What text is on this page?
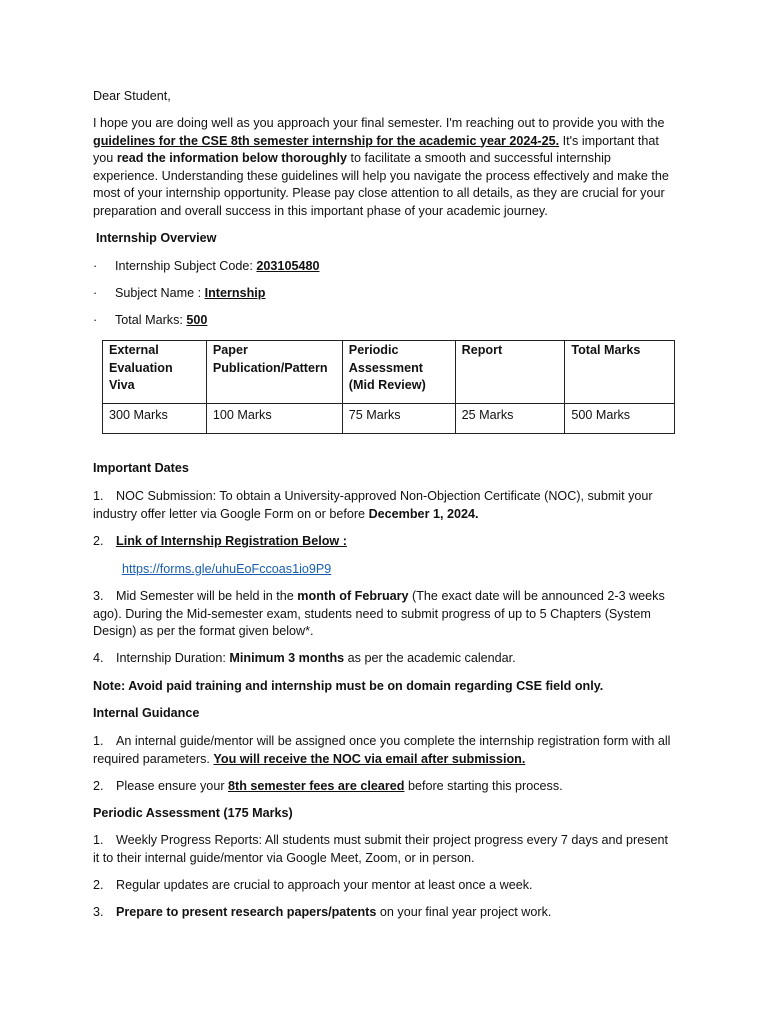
Dear Student,

I hope you are doing well as you approach your final semester. I'm reaching out to provide you with the guidelines for the CSE 8th semester internship for the academic year 2024-25. It's important that you read the information below thoroughly to facilitate a smooth and successful internship experience. Understanding these guidelines will help you navigate the process effectively and make the most of your internship opportunity. Please pay close attention to all details, as they are crucial for your preparation and overall success in this important phase of your academic journey.

Internship Overview

· Internship Subject Code: 203105480

· Subject Name : Internship

· Total Marks: 500

External Evaluation Viva	Paper Publication/Pattern	Periodic Assessment (Mid Review)	Report	Total Marks
300 Marks	100 Marks	75 Marks	25 Marks	500 Marks

Important Dates

1. NOC Submission: To obtain a University-approved Non-Objection Certificate (NOC), submit your industry offer letter via Google Form on or before December 1, 2024.

2. Link of Internship Registration Below :

https://forms.gle/uhuEoFccoas1io9P9

3. Mid Semester will be held in the month of February (The exact date will be announced 2-3 weeks ago). During the Mid-semester exam, students need to submit progress of up to 5 Chapters (System Design) as per the format given below*.

4. Internship Duration: Minimum 3 months as per the academic calendar.

Note: Avoid paid training and internship must be on domain regarding CSE field only.

Internal Guidance

1. An internal guide/mentor will be assigned once you complete the internship registration form with all required parameters. You will receive the NOC via email after submission.

2. Please ensure your 8th semester fees are cleared before starting this process.

Periodic Assessment (175 Marks)

1. Weekly Progress Reports: All students must submit their project progress every 7 days and present it to their internal guide/mentor via Google Meet, Zoom, or in person.

2. Regular updates are crucial to approach your mentor at least once a week.

3. Prepare to present research papers/patents on your final year project work.
